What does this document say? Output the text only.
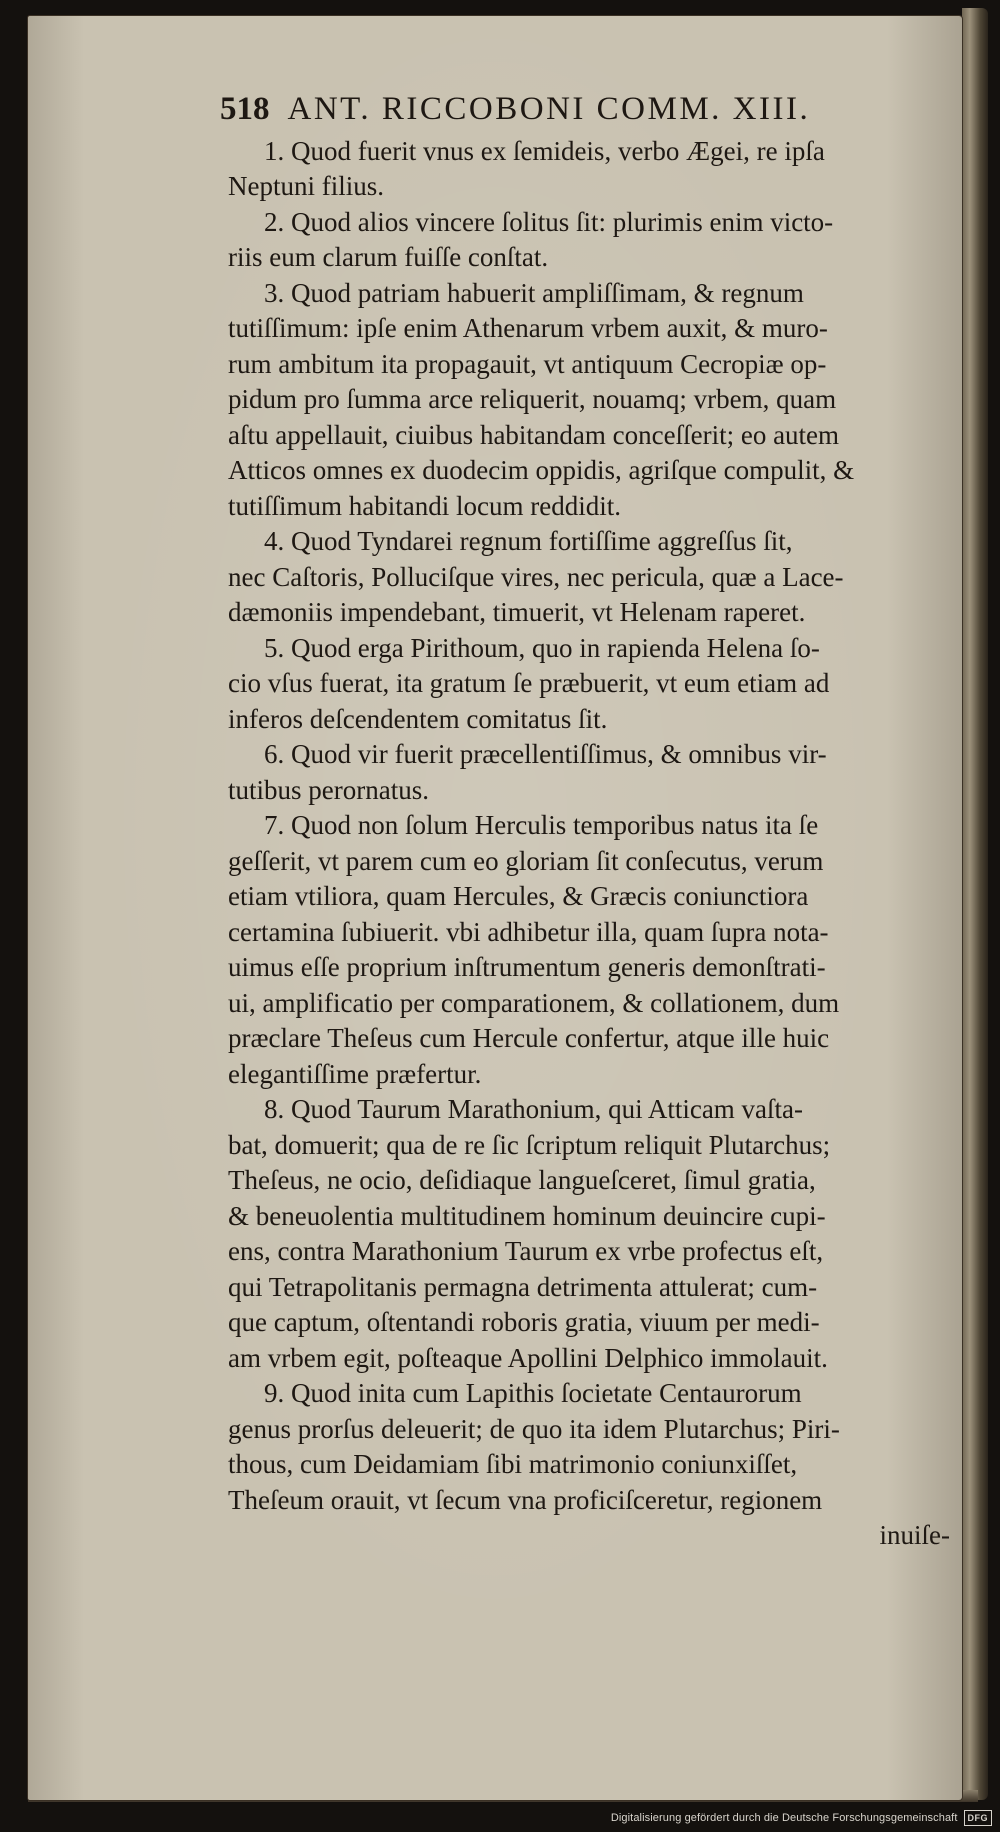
518 ANT. RICCOBONI COMM. XIII.
1. Quod fuerit vnus ex ſemideis, verbo Ægei, re ipſa
Neptuni filius.
2. Quod alios vincere ſolitus ſit: plurimis enim victo-
riis eum clarum fuiſſe conſtat.
3. Quod patriam habuerit ampliſſimam, & regnum
tutiſſimum: ipſe enim Athenarum vrbem auxit, & muro-
rum ambitum ita propagauit, vt antiquum Cecropiæ op-
pidum pro ſumma arce reliquerit, nouamq; vrbem, quam
aſtu appellauit, ciuibus habitandam conceſſerit; eo autem
Atticos omnes ex duodecim oppidis, agriſque compulit, &
tutiſſimum habitandi locum reddidit.
4. Quod Tyndarei regnum fortiſſime aggreſſus ſit,
nec Caſtoris, Polluciſque vires, nec pericula, quæ a Lace-
dæmoniis impendebant, timuerit, vt Helenam raperet.
5. Quod erga Pirithoum, quo in rapienda Helena ſo-
cio vſus fuerat, ita gratum ſe præbuerit, vt eum etiam ad
inferos deſcendentem comitatus ſit.
6. Quod vir fuerit præcellentiſſimus, & omnibus vir-
tutibus perornatus.
7. Quod non ſolum Herculis temporibus natus ita ſe
geſſerit, vt parem cum eo gloriam ſit conſecutus, verum
etiam vtiliora, quam Hercules, & Græcis coniunctiora
certamina ſubiuerit. vbi adhibetur illa, quam ſupra nota-
uimus eſſe proprium inſtrumentum generis demonſtrati-
ui, amplificatio per comparationem, & collationem, dum
præclare Theſeus cum Hercule confertur, atque ille huic
elegantiſſime præfertur.
8. Quod Taurum Marathonium, qui Atticam vaſta-
bat, domuerit; qua de re ſic ſcriptum reliquit Plutarchus;
Theſeus, ne ocio, deſidiaque langueſceret, ſimul gratia,
& beneuolentia multitudinem hominum deuincire cupi-
ens, contra Marathonium Taurum ex vrbe profectus eſt,
qui Tetrapolitanis permagna detrimenta attulerat; cum-
que captum, oſtentandi roboris gratia, viuum per medi-
am vrbem egit, poſteaque Apollini Delphico immolauit.
9. Quod inita cum Lapithis ſocietate Centaurorum
genus prorſus deleuerit; de quo ita idem Plutarchus; Piri-
thous, cum Deidamiam ſibi matrimonio coniunxiſſet,
Theſeum orauit, vt ſecum vna proficiſceretur, regionem
inuiſe-
Digitalisierung gefördert durch die Deutsche Forschungsgemeinschaft	DFG
